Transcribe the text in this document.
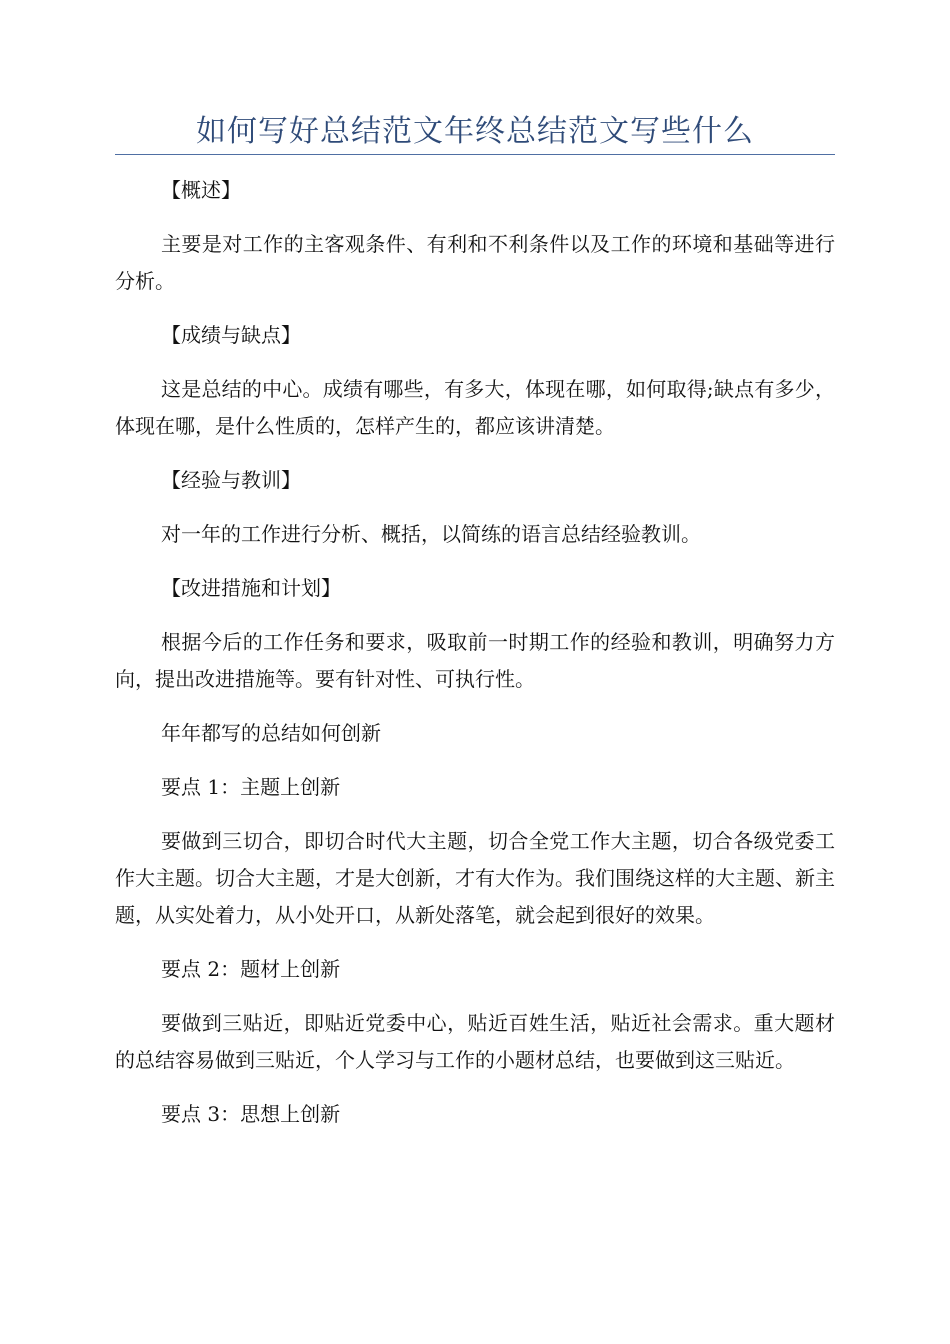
如何写好总结范文年终总结范文写些什么

【概述】

主要是对工作的主客观条件、有利和不利条件以及工作的环境和基础等进行分析。

【成绩与缺点】

这是总结的中心。成绩有哪些，有多大，体现在哪，如何取得;缺点有多少，体现在哪，是什么性质的，怎样产生的，都应该讲清楚。

【经验与教训】

对一年的工作进行分析、概括，以简练的语言总结经验教训。

【改进措施和计划】

根据今后的工作任务和要求，吸取前一时期工作的经验和教训，明确努力方向，提出改进措施等。要有针对性、可执行性。

年年都写的总结如何创新

要点 1：主题上创新

要做到三切合，即切合时代大主题，切合全党工作大主题，切合各级党委工作大主题。切合大主题，才是大创新，才有大作为。我们围绕这样的大主题、新主题，从实处着力，从小处开口，从新处落笔，就会起到很好的效果。

要点 2：题材上创新

要做到三贴近，即贴近党委中心，贴近百姓生活，贴近社会需求。重大题材的总结容易做到三贴近，个人学习与工作的小题材总结，也要做到这三贴近。

要点 3：思想上创新
